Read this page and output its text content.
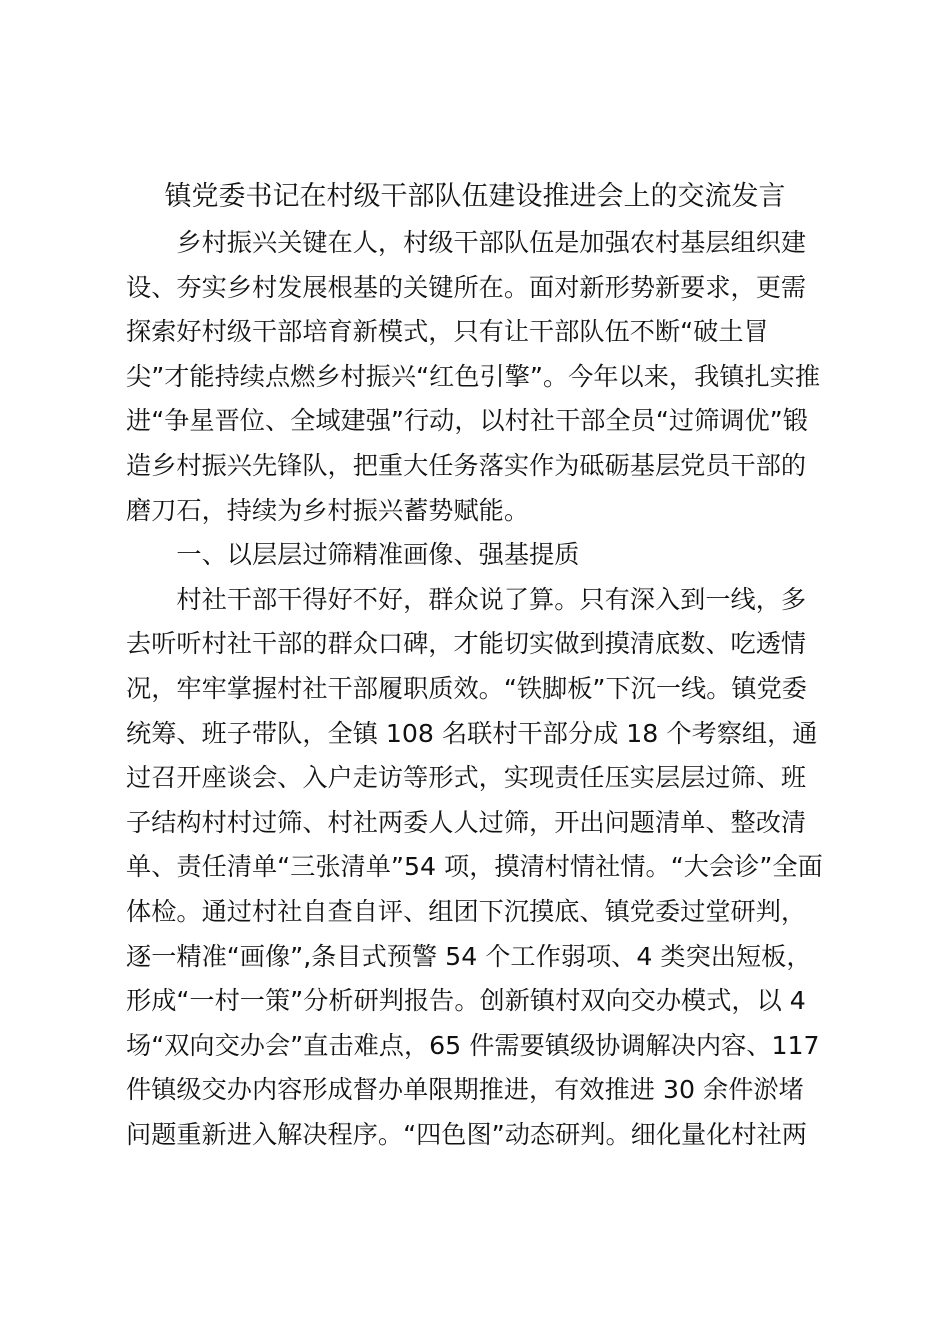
镇党委书记在村级干部队伍建设推进会上的交流发言

乡村振兴关键在人，村级干部队伍是加强农村基层组织建
设、夯实乡村发展根基的关键所在。面对新形势新要求，更需
探索好村级干部培育新模式，只有让干部队伍不断“破土冒
尖”才能持续点燃乡村振兴“红色引擎”。今年以来，我镇扎实推
进“争星晋位、全域建强”行动，以村社干部全员“过筛调优”锻
造乡村振兴先锋队，把重大任务落实作为砥砺基层党员干部的
磨刀石，持续为乡村振兴蓄势赋能。

一、以层层过筛精准画像、强基提质

村社干部干得好不好，群众说了算。只有深入到一线，多
去听听村社干部的群众口碑，才能切实做到摸清底数、吃透情
况，牢牢掌握村社干部履职质效。“铁脚板”下沉一线。镇党委
统筹、班子带队，全镇 108 名联村干部分成 18 个考察组，通
过召开座谈会、入户走访等形式，实现责任压实层层过筛、班
子结构村村过筛、村社两委人人过筛，开出问题清单、整改清
单、责任清单“三张清单”54 项，摸清村情社情。“大会诊”全面
体检。通过村社自查自评、组团下沉摸底、镇党委过堂研判，
逐一精准“画像”,条目式预警 54 个工作弱项、4 类突出短板，
形成“一村一策”分析研判报告。创新镇村双向交办模式，以 4
场“双向交办会”直击难点，65 件需要镇级协调解决内容、117
件镇级交办内容形成督办单限期推进，有效推进 30 余件淤堵
问题重新进入解决程序。“四色图”动态研判。细化量化村社两
